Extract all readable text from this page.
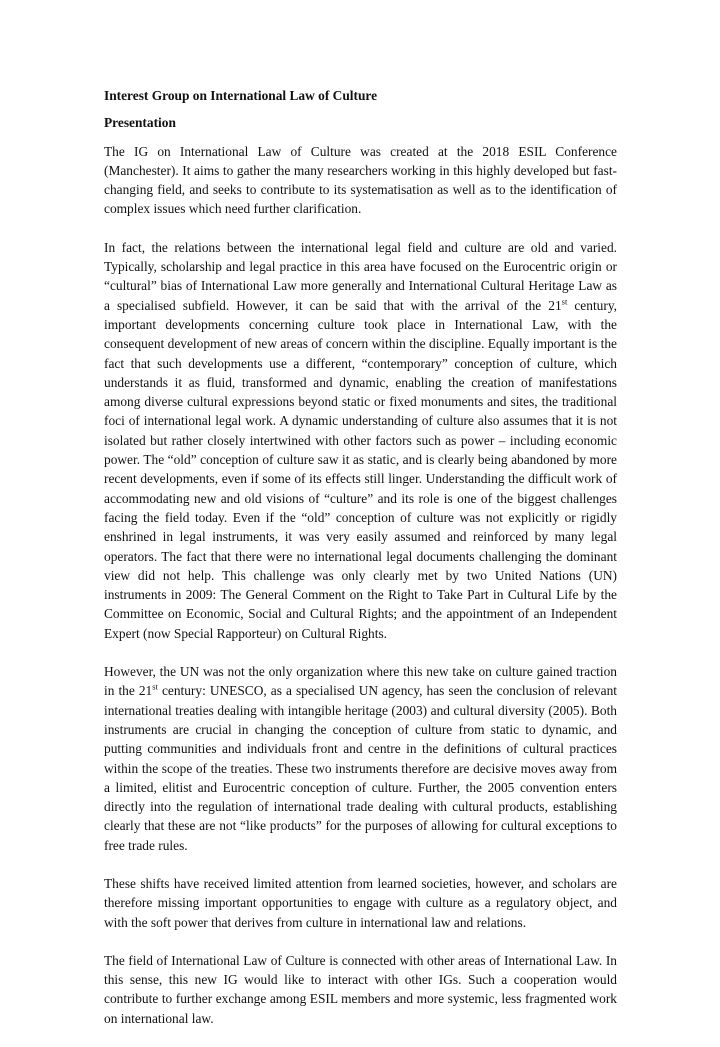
Interest Group on International Law of Culture
Presentation

The IG on International Law of Culture was created at the 2018 ESIL Conference (Manchester). It aims to gather the many researchers working in this highly developed but fast-changing field, and seeks to contribute to its systematisation as well as to the identification of complex issues which need further clarification.

In fact, the relations between the international legal field and culture are old and varied. Typically, scholarship and legal practice in this area have focused on the Eurocentric origin or “cultural” bias of International Law more generally and International Cultural Heritage Law as a specialised subfield. However, it can be said that with the arrival of the 21st century, important developments concerning culture took place in International Law, with the consequent development of new areas of concern within the discipline. Equally important is the fact that such developments use a different, “contemporary” conception of culture, which understands it as fluid, transformed and dynamic, enabling the creation of manifestations among diverse cultural expressions beyond static or fixed monuments and sites, the traditional foci of international legal work. A dynamic understanding of culture also assumes that it is not isolated but rather closely intertwined with other factors such as power – including economic power. The “old” conception of culture saw it as static, and is clearly being abandoned by more recent developments, even if some of its effects still linger. Understanding the difficult work of accommodating new and old visions of “culture” and its role is one of the biggest challenges facing the field today. Even if the “old” conception of culture was not explicitly or rigidly enshrined in legal instruments, it was very easily assumed and reinforced by many legal operators. The fact that there were no international legal documents challenging the dominant view did not help. This challenge was only clearly met by two United Nations (UN) instruments in 2009: The General Comment on the Right to Take Part in Cultural Life by the Committee on Economic, Social and Cultural Rights; and the appointment of an Independent Expert (now Special Rapporteur) on Cultural Rights.

However, the UN was not the only organization where this new take on culture gained traction in the 21st century: UNESCO, as a specialised UN agency, has seen the conclusion of relevant international treaties dealing with intangible heritage (2003) and cultural diversity (2005). Both instruments are crucial in changing the conception of culture from static to dynamic, and putting communities and individuals front and centre in the definitions of cultural practices within the scope of the treaties. These two instruments therefore are decisive moves away from a limited, elitist and Eurocentric conception of culture. Further, the 2005 convention enters directly into the regulation of international trade dealing with cultural products, establishing clearly that these are not “like products” for the purposes of allowing for cultural exceptions to free trade rules.

These shifts have received limited attention from learned societies, however, and scholars are therefore missing important opportunities to engage with culture as a regulatory object, and with the soft power that derives from culture in international law and relations.

The field of International Law of Culture is connected with other areas of International Law. In this sense, this new IG would like to interact with other IGs. Such a cooperation would contribute to further exchange among ESIL members and more systemic, less fragmented work on international law.
